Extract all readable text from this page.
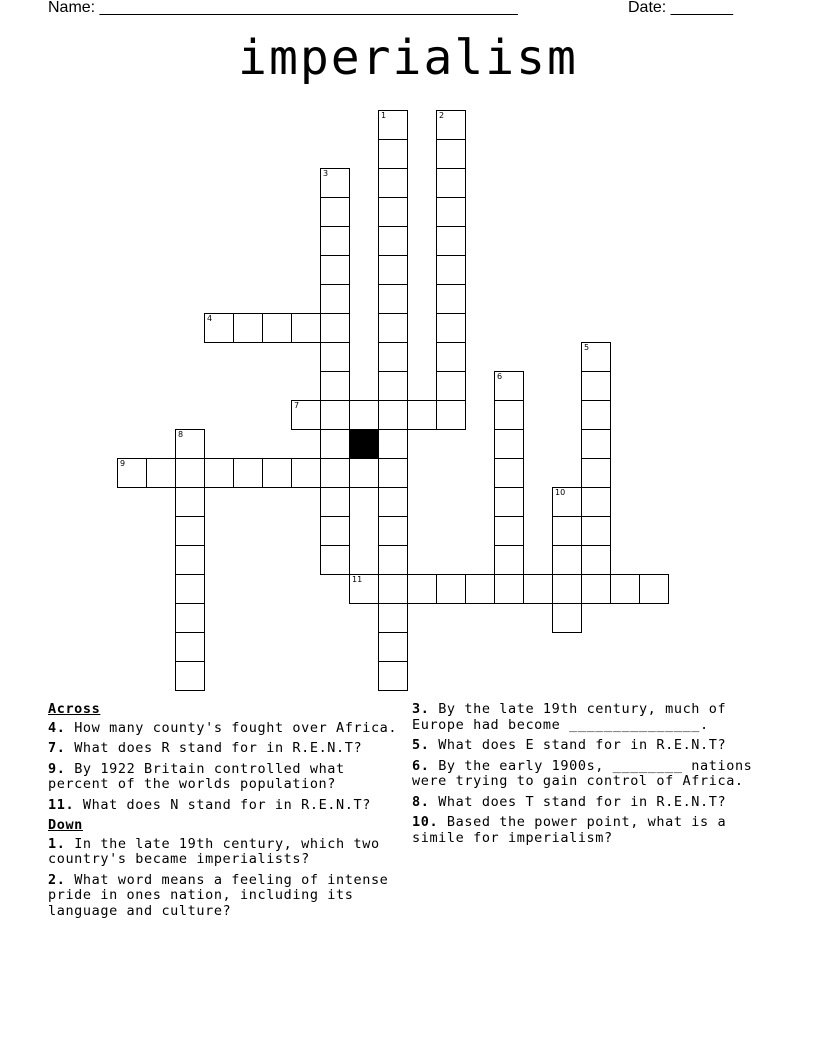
Name: _______________________________________________	Date: _______
imperialism
1	2
3
4
5
6
7
8
9
10
11
Across
4. How many county's fought over Africa.
7. What does R stand for in R.E.N.T?
9. By 1922 Britain controlled what percent of the worlds population?
11. What does N stand for in R.E.N.T?
Down
1. In the late 19th century, which two country's became imperialists?
2. What word means a feeling of intense pride in ones nation, including its language and culture?
3. By the late 19th century, much of Europe had become _______________.
5. What does E stand for in R.E.N.T?
6. By the early 1900s, ________ nations were trying to gain control of Africa.
8. What does T stand for in R.E.N.T?
10. Based the power point, what is a simile for imperialism?
